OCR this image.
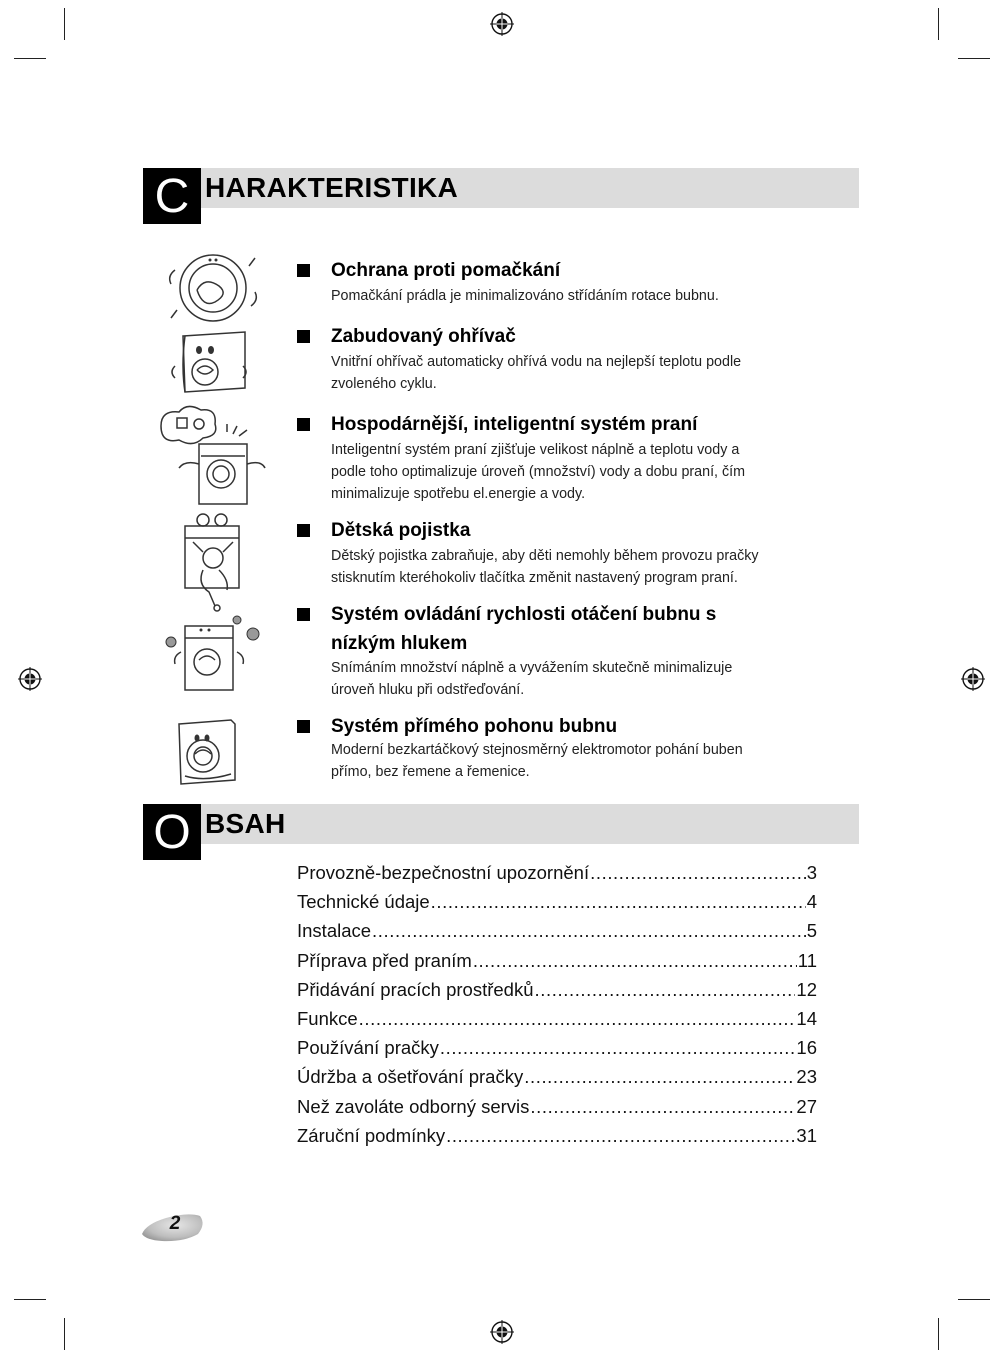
C HARAKTERISTIKA
Ochrana proti pomačkání
Pomačkání prádla je minimalizováno střídáním rotace bubnu.
Zabudovaný ohřívač
Vnitřní ohřívač automaticky ohřívá vodu na nejlepší teplotu podle
zvoleného cyklu.
Hospodárnější, inteligentní systém praní
Inteligentní systém praní zjišťuje velikost náplně a teplotu vody a
podle toho optimalizuje úroveň (množství) vody a dobu praní, čím
minimalizuje spotřebu el.energie a vody.
Dětská pojistka
Dětský pojistka zabraňuje, aby děti nemohly během provozu pračky
stisknutím kteréhokoliv tlačítka změnit nastavený program praní.
Systém ovládání rychlosti otáčení bubnu s
nízkým hlukem
Snímáním množství náplně a vyvážením skutečně minimalizuje
úroveň hluku při odstřeďování.
Systém přímého pohonu bubnu
Moderní bezkartáčkový stejnosměrný elektromotor pohání buben
přímo, bez řemene a řemenice.
O BSAH
Provozně-bezpečnostní upozornění .....	3
Technické údaje .....	4
Instalace .....	5
Příprava před praním .....	11
Přidávání pracích prostředků .....	12
Funkce .....	14
Používání pračky .....	16
Údržba a ošetřování pračky .....	23
Než zavoláte odborný servis .....	27
Záruční podmínky .....	31
2
